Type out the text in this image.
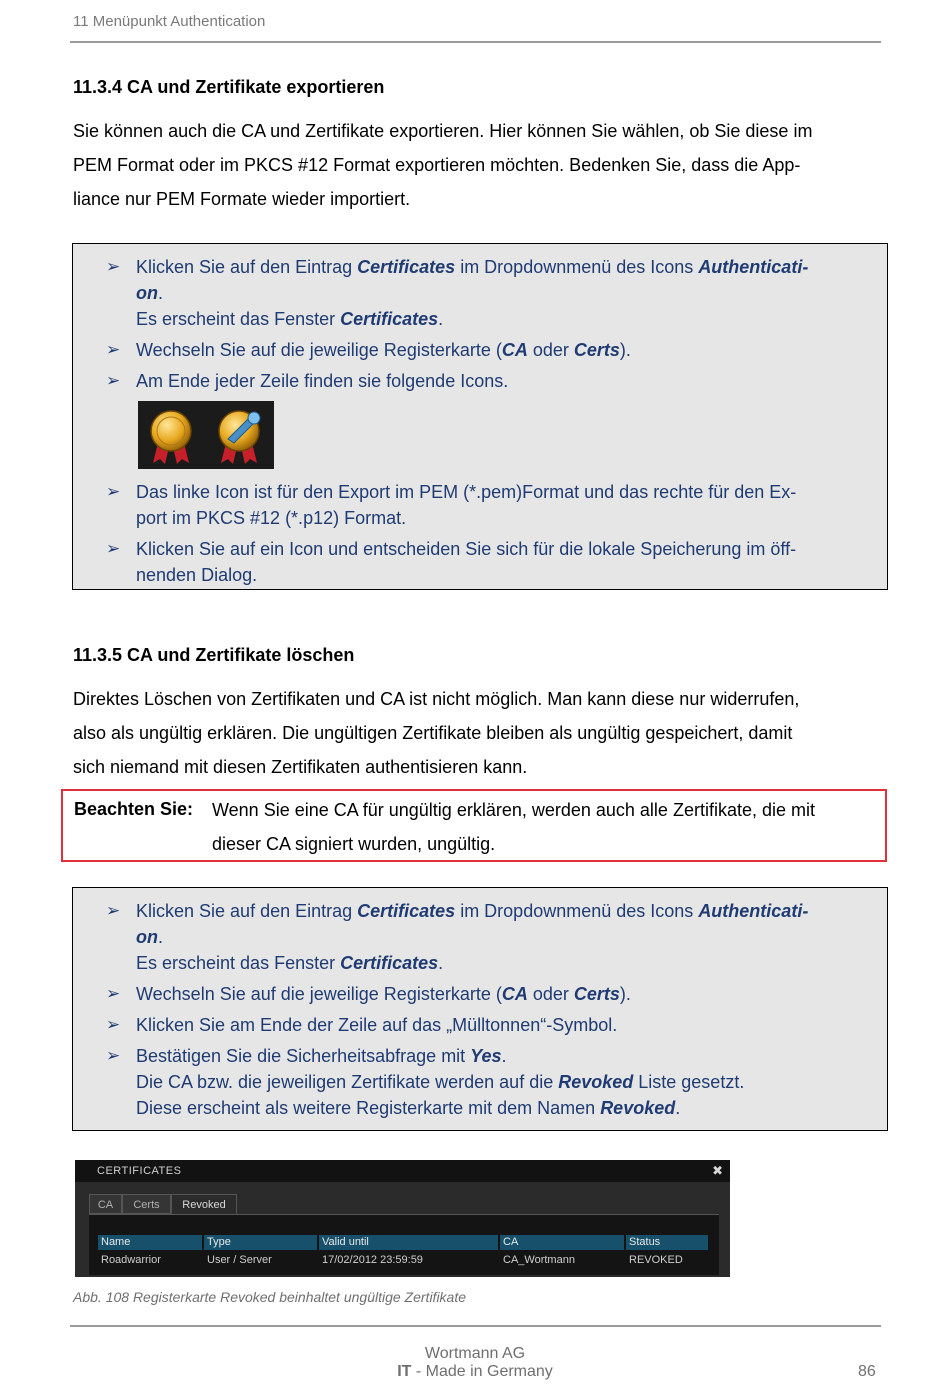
11 Menüpunkt Authentication
11.3.4 CA und Zertifikate exportieren

Sie können auch die CA und Zertifikate exportieren. Hier können Sie wählen, ob Sie diese im

PEM Format oder im PKCS #12 Format exportieren möchten. Bedenken Sie, dass die App-

liance nur PEM Formate wieder importiert.

➢ Klicken Sie auf den Eintrag Certificates im Dropdownmenü des Icons Authenticati-
on.
Es erscheint das Fenster Certificates.
➢ Wechseln Sie auf die jeweilige Registerkarte (CA oder Certs).
➢ Am Ende jeder Zeile finden sie folgende Icons.
➢ Das linke Icon ist für den Export im PEM (*.pem)Format und das rechte für den Ex-
port im PKCS #12 (*.p12) Format.
➢ Klicken Sie auf ein Icon und entscheiden Sie sich für die lokale Speicherung im öff-
nenden Dialog.
11.3.5 CA und Zertifikate löschen

Direktes Löschen von Zertifikaten und CA ist nicht möglich. Man kann diese nur widerrufen,

also als ungültig erklären. Die ungültigen Zertifikate bleiben als ungültig gespeichert, damit

sich niemand mit diesen Zertifikaten authentisieren kann.

Beachten Sie: Wenn Sie eine CA für ungültig erklären, werden auch alle Zertifikate, die mit
dieser CA signiert wurden, ungültig.
➢ Klicken Sie auf den Eintrag Certificates im Dropdownmenü des Icons Authenticati-
on.
Es erscheint das Fenster Certificates.
➢ Wechseln Sie auf die jeweilige Registerkarte (CA oder Certs).
➢ Klicken Sie am Ende der Zeile auf das „Mülltonnen“-Symbol.
➢ Bestätigen Sie die Sicherheitsabfrage mit Yes.
Die CA bzw. die jeweiligen Zertifikate werden auf die Revoked Liste gesetzt.
Diese erscheint als weitere Registerkarte mit dem Namen Revoked.
CERTIFICATES	✖
CA	Certs	Revoked
Name	Type	Valid until	CA	Status
Roadwarrior	User / Server	17/02/2012 23:59:59	CA_Wortmann	REVOKED
Abb. 108 Registerkarte Revoked beinhaltet ungültige Zertifikate
Wortmann AG
IT - Made in Germany	86
